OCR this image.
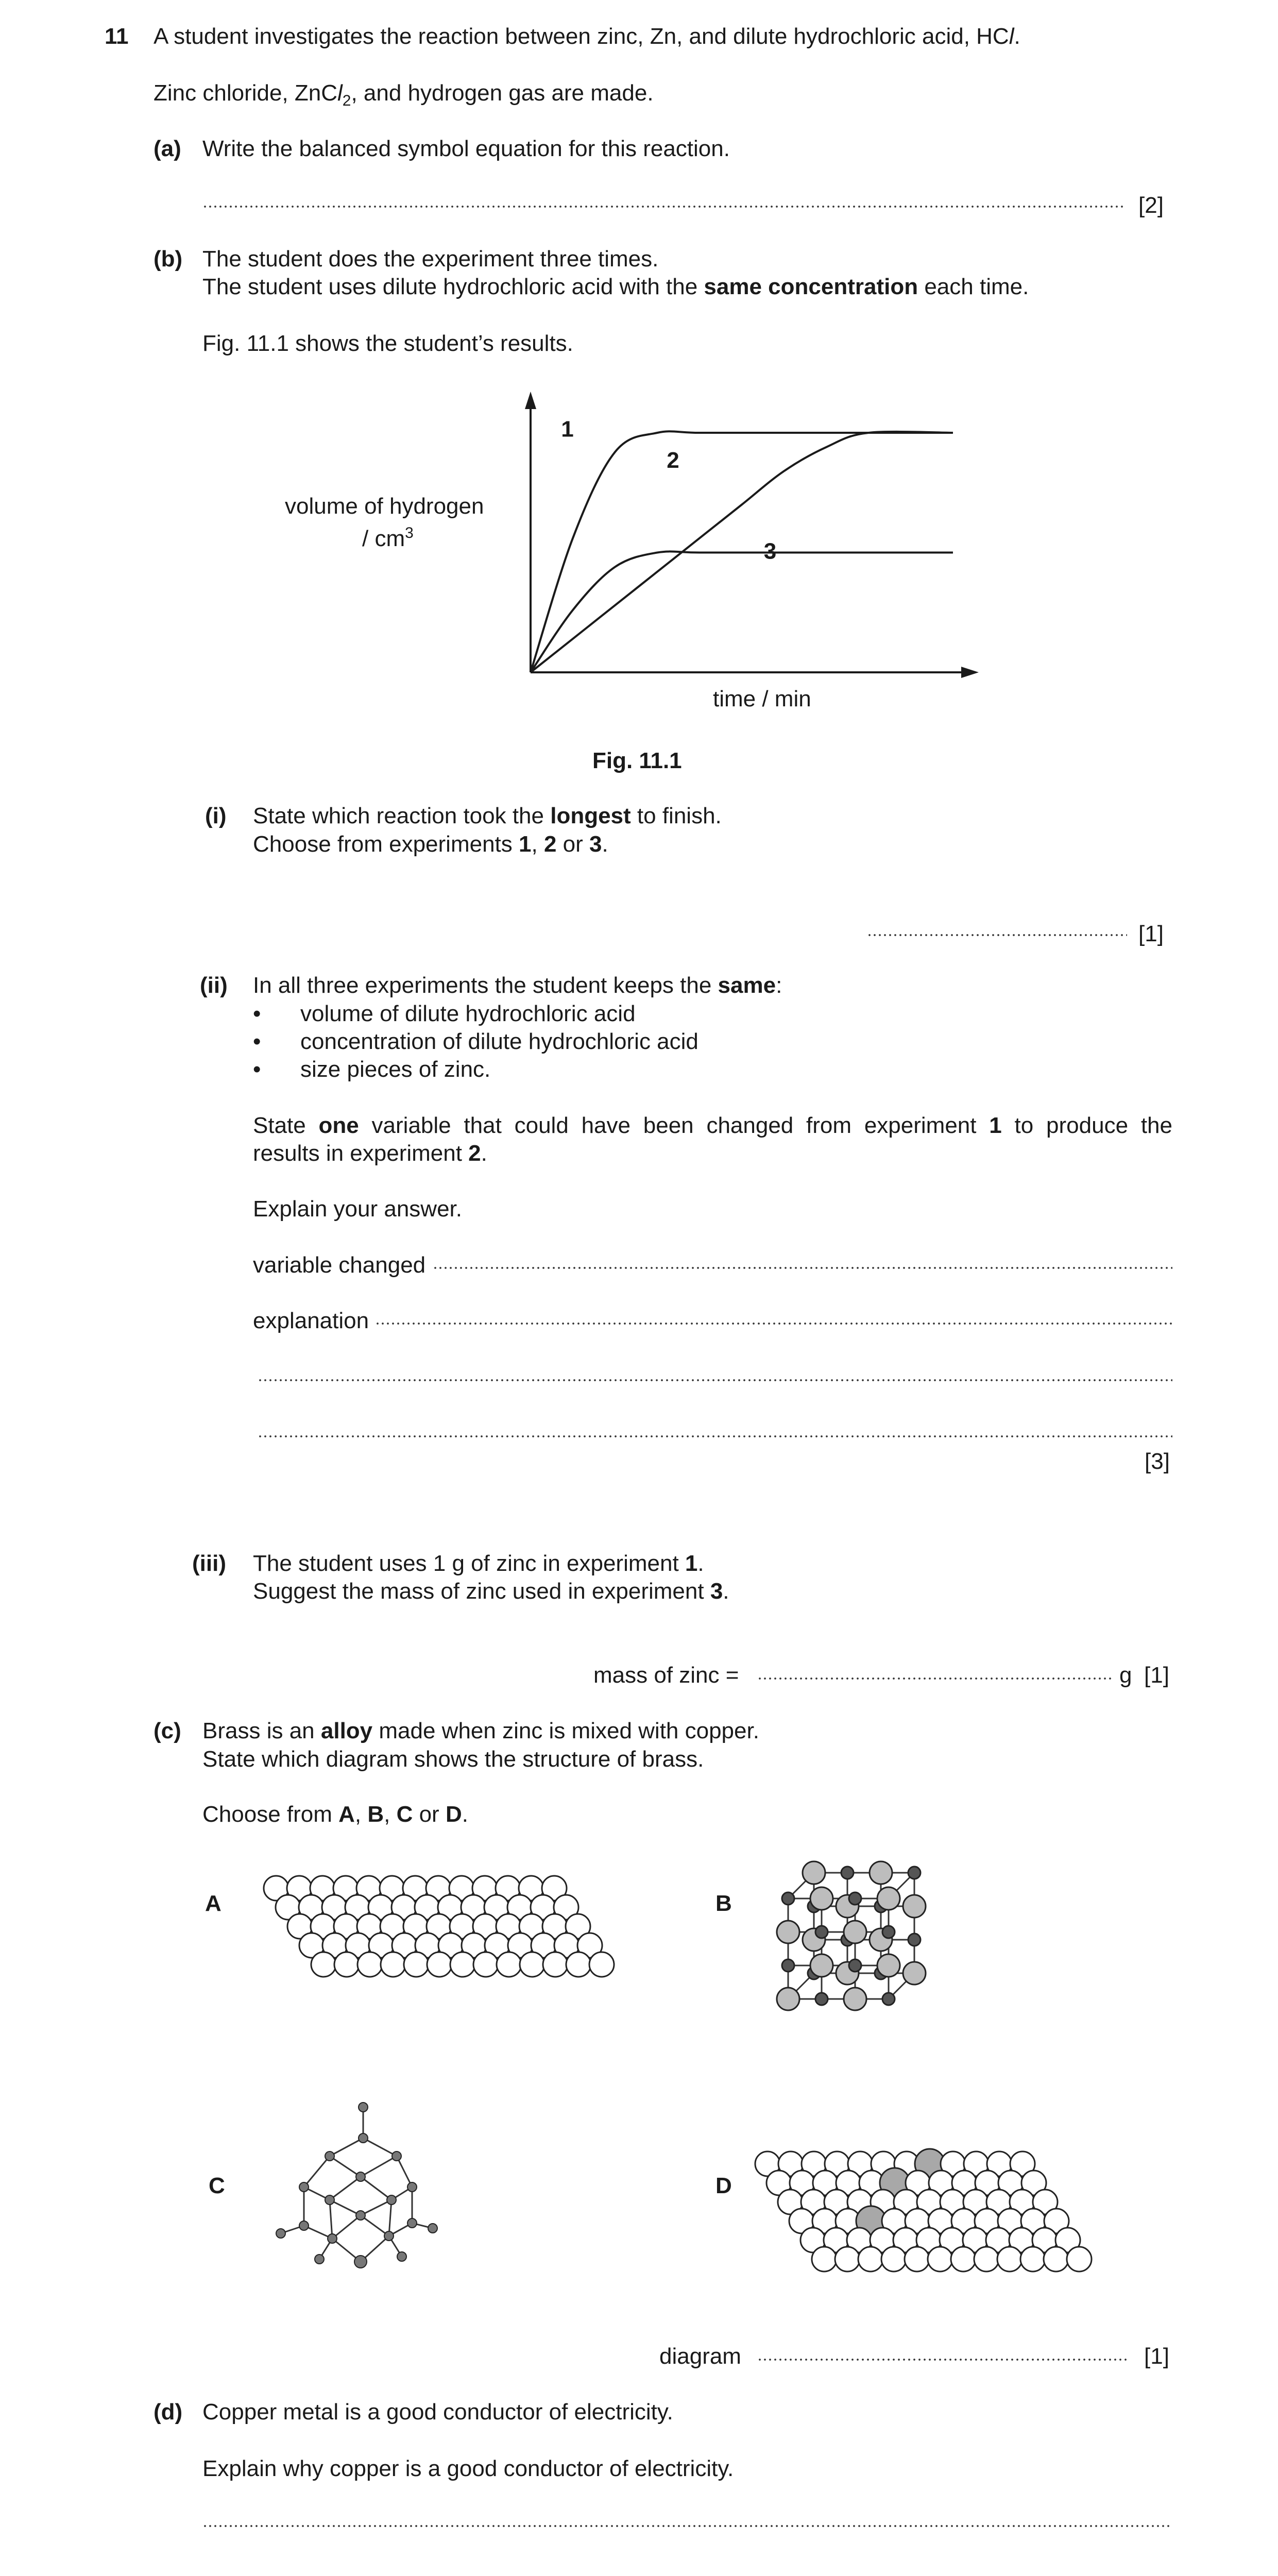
11 A student investigates the reaction between zinc, Zn, and dilute hydrochloric acid, HCl.
Zinc chloride, ZnCl$_2$, and hydrogen gas are made.
(a) Write the balanced symbol equation for this reaction.
[2]
(b) The student does the experiment three times.
The student uses dilute hydrochloric acid with the same concentration each time.
Fig. 11.1 shows the student’s results.
volume of hydrogen
/ $cm^3$
1
2
3
time / min
Fig. 11.1
(i) State which reaction took the longest to finish.
Choose from experiments 1, 2 or 3.
[1]
(ii) In all three experiments the student keeps the same:
• volume of dilute hydrochloric acid
• concentration of dilute hydrochloric acid
• size pieces of zinc.
State one variable that could have been changed from experiment 1 to produce the
results in experiment 2.
Explain your answer.
variable changed
explanation
[3]
(iii) The student uses 1 g of zinc in experiment 1.
Suggest the mass of zinc used in experiment 3.
mass of zinc =	g [1]
(c) Brass is an alloy made when zinc is mixed with copper.
State which diagram shows the structure of brass.
Choose from A, B, C or D.
A	B
C	D
diagram	[1]
(d) Copper metal is a good conductor of electricity.
Explain why copper is a good conductor of electricity.
